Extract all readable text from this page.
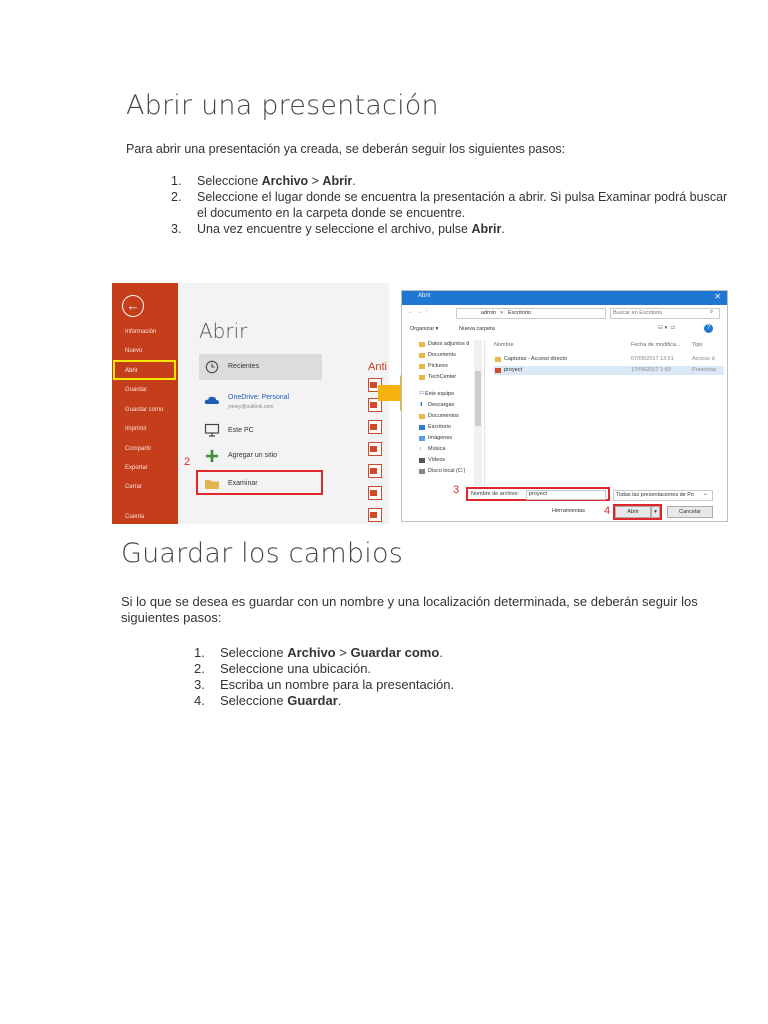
Abrir una presentación
Para abrir una presentación ya creada, se deberán seguir los siguientes pasos:
1. Seleccione Archivo > Abrir.
2. Seleccione el lugar donde se encuentra la presentación a abrir. Si pulsa Examinar podrá buscar
el documento en la carpeta donde se encuentre.
3. Una vez encuentre y seleccione el archivo, pulse Abrir.
←
Información
Nuevo
Abrir
Guardar
Guardar como
Imprimir
Compartir
Exportar
Cerrar
Cuenta
Abrir
Recientes
OneDrive: Personal
yoney@outlook.com
Este PC
Agregar un sitio
2
Examinar
Anti
Abrir	✕
←  →  ↑	admin > Escritorio	Buscar en Escritorio	⌕
Organizar ▾	Nueva carpeta	☷ ▾  ▭	?
Datos adjuntos d
Documents
Pictures
TechCenter
▭ Este equipo
⬇ Descargas
Documentos
Escritorio
Imágenes
♪ Música
Vídeos
Disco local (C:)
Nombre	Fecha de modifica... Tipo
Capturas - Acceso directo	07/05/2017 13:51	Acceso d
proyect	17/05/2017 1:50	Presentac
3 Nombre de archivo: proyect	Todas las presentaciones de Po ⌄
Herramientas 4	Abrir	▾	Cancelar
Guardar los cambios
Si lo que se desea es guardar con un nombre y una localización determinada, se deberán seguir los
siguientes pasos:
1. Seleccione Archivo > Guardar como.
2. Seleccione una ubicación.
3. Escriba un nombre para la presentación.
4. Seleccione Guardar.
